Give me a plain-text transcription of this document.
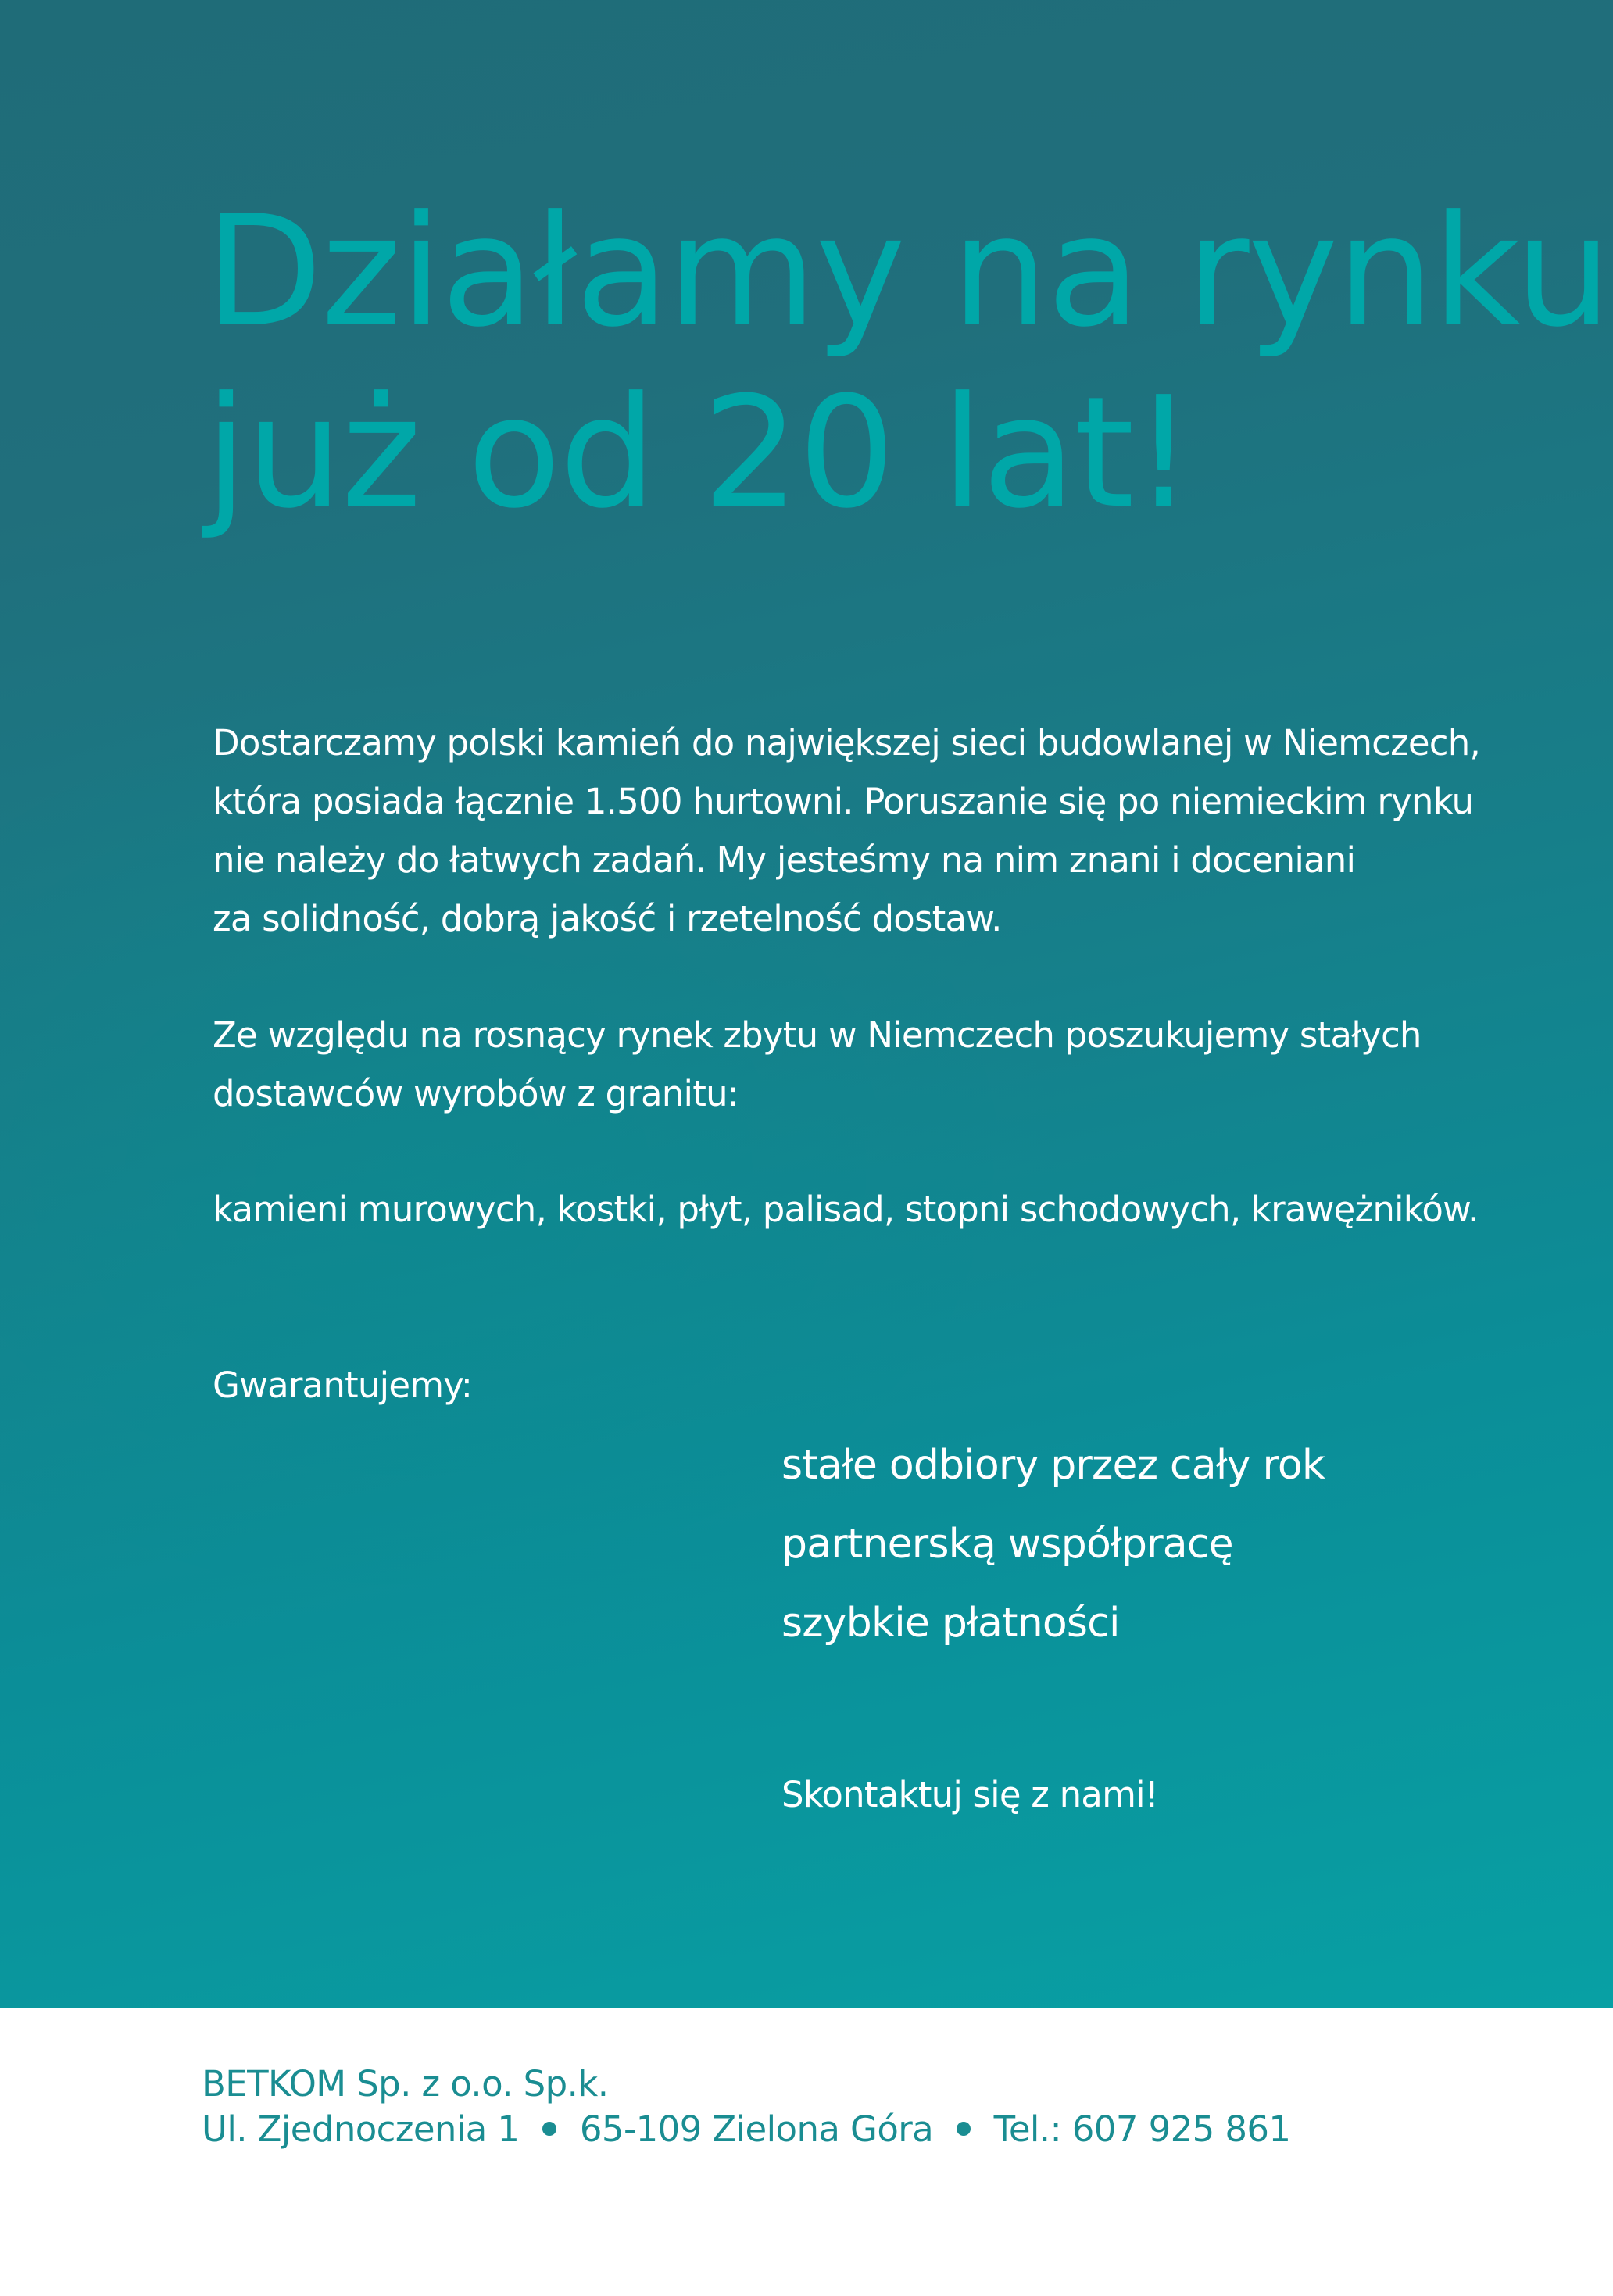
Działamy na rynku
już od 20 lat!

Dostarczamy polski kamień do największej sieci budowlanej w Niemczech,
która posiada łącznie 1.500 hurtowni. Poruszanie się po niemieckim rynku
nie należy do łatwych zadań. My jesteśmy na nim znani i doceniani
za solidność, dobrą jakość i rzetelność dostaw.

Ze względu na rosnący rynek zbytu w Niemczech poszukujemy stałych
dostawców wyrobów z granitu:

kamieni murowych, kostki, płyt, palisad, stopni schodowych, krawężników.

Gwarantujemy:

stałe odbiory przez cały rok
partnerską współpracę
szybkie płatności

Skontaktuj się z nami!

BETKOM Sp. z o.o. Sp.k.

Ul. Zjednoczenia 1 65-109 Zielona Góra Tel.: 607 925 861
